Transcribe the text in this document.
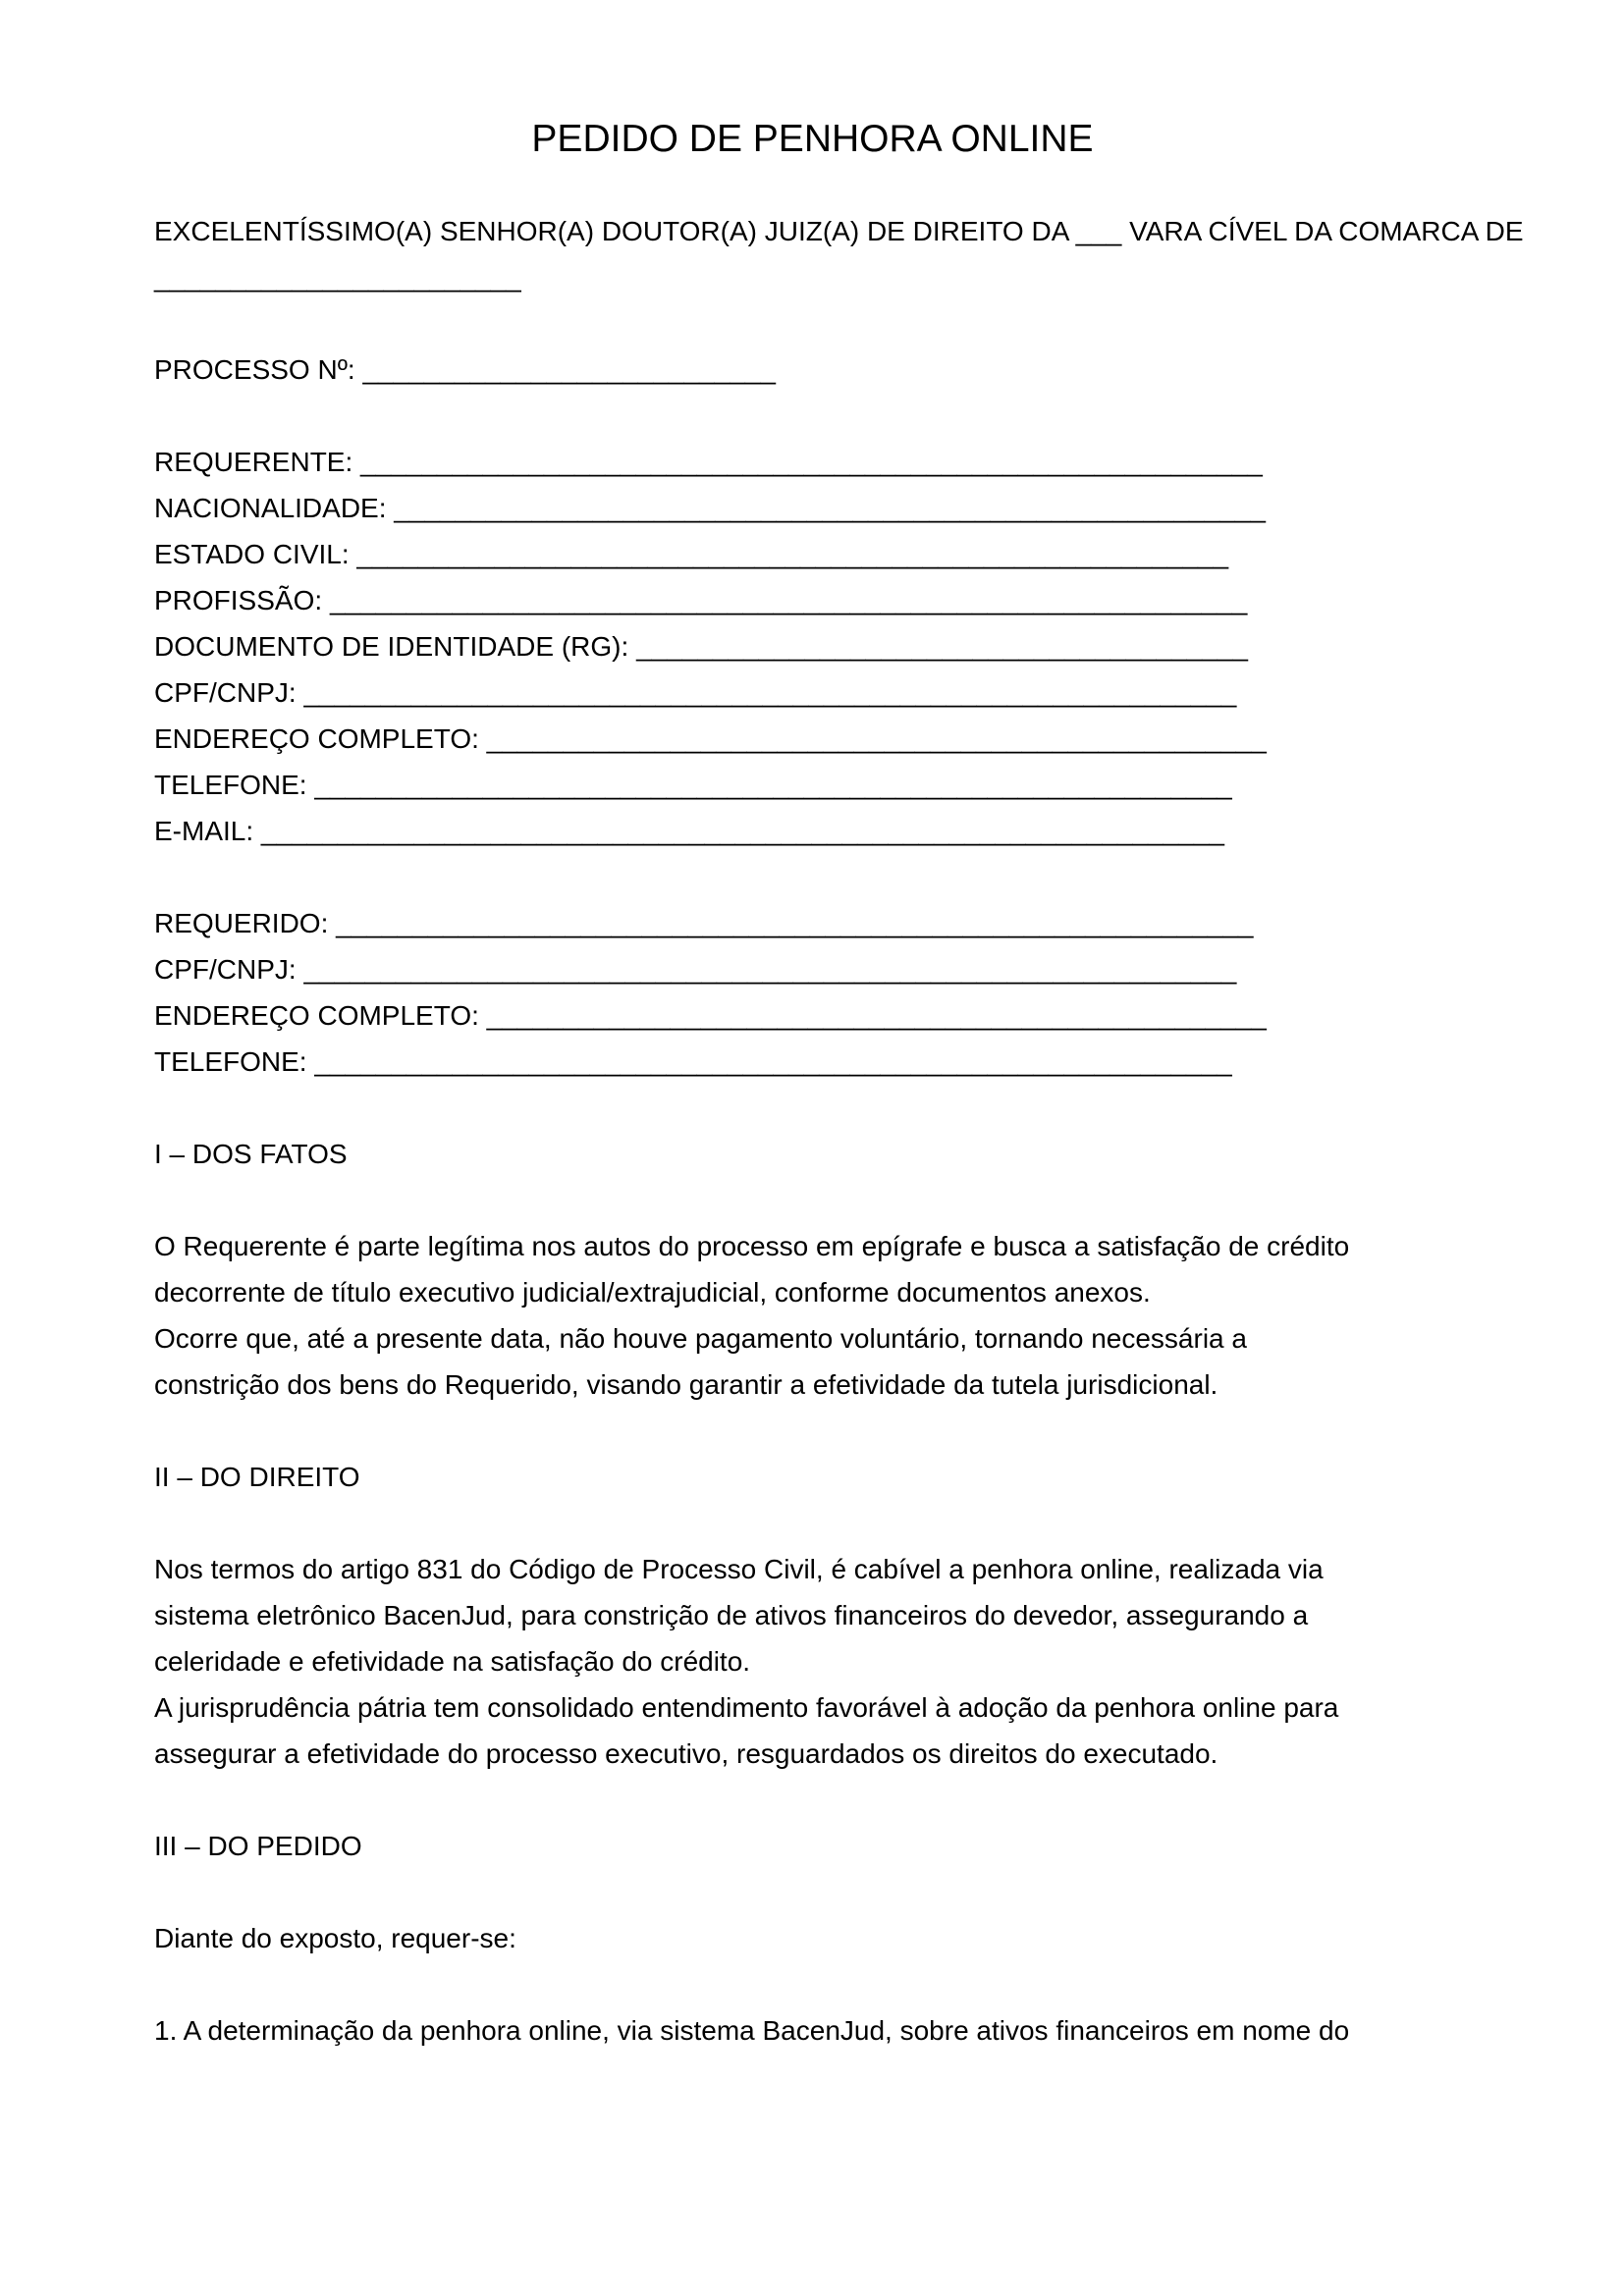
PEDIDO DE PENHORA ONLINE
EXCELENTÍSSIMO(A) SENHOR(A) DOUTOR(A) JUIZ(A) DE DIREITO DA ___ VARA CÍVEL DA COMARCA DE
________________________
PROCESSO Nº: ___________________________
REQUERENTE: ___________________________________________________________
NACIONALIDADE: _________________________________________________________
ESTADO CIVIL: _________________________________________________________
PROFISSÃO: ____________________________________________________________
DOCUMENTO DE IDENTIDADE (RG): ________________________________________
CPF/CNPJ: _____________________________________________________________
ENDEREÇO COMPLETO: ___________________________________________________
TELEFONE: ____________________________________________________________
E-MAIL: _______________________________________________________________
REQUERIDO: ____________________________________________________________
CPF/CNPJ: _____________________________________________________________
ENDEREÇO COMPLETO: ___________________________________________________
TELEFONE: ____________________________________________________________
I – DOS FATOS
O Requerente é parte legítima nos autos do processo em epígrafe e busca a satisfação de crédito
decorrente de título executivo judicial/extrajudicial, conforme documentos anexos.
Ocorre que, até a presente data, não houve pagamento voluntário, tornando necessária a
constrição dos bens do Requerido, visando garantir a efetividade da tutela jurisdicional.
II – DO DIREITO
Nos termos do artigo 831 do Código de Processo Civil, é cabível a penhora online, realizada via
sistema eletrônico BacenJud, para constrição de ativos financeiros do devedor, assegurando a
celeridade e efetividade na satisfação do crédito.
A jurisprudência pátria tem consolidado entendimento favorável à adoção da penhora online para
assegurar a efetividade do processo executivo, resguardados os direitos do executado.
III – DO PEDIDO
Diante do exposto, requer-se:
1. A determinação da penhora online, via sistema BacenJud, sobre ativos financeiros em nome do
